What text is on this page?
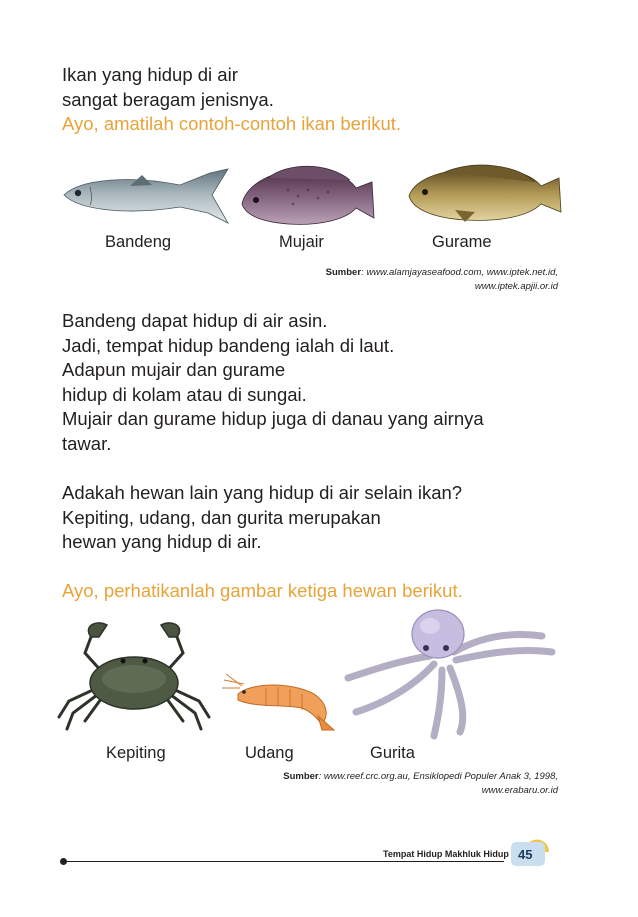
Ikan yang hidup di air
sangat beragam jenisnya.
Ayo, amatilah contoh-contoh ikan berikut.
Bandeng	Mujair	Gurame
Sumber: www.alamjayaseafood.com, www.iptek.net.id,
www.iptek.apjii.or.id
Bandeng dapat hidup di air asin.
Jadi, tempat hidup bandeng ialah di laut.
Adapun mujair dan gurame
hidup di kolam atau di sungai.
Mujair dan gurame hidup juga di danau yang airnya
tawar.
Adakah hewan lain yang hidup di air selain ikan?
Kepiting, udang, dan gurita merupakan
hewan yang hidup di air.
Ayo, perhatikanlah gambar ketiga hewan berikut.
Kepiting	Udang	Gurita
Sumber: www.reef.crc.org.au, Ensiklopedi Populer Anak 3, 1998,
www.erabaru.or.id
Tempat Hidup Makhluk Hidup 45
